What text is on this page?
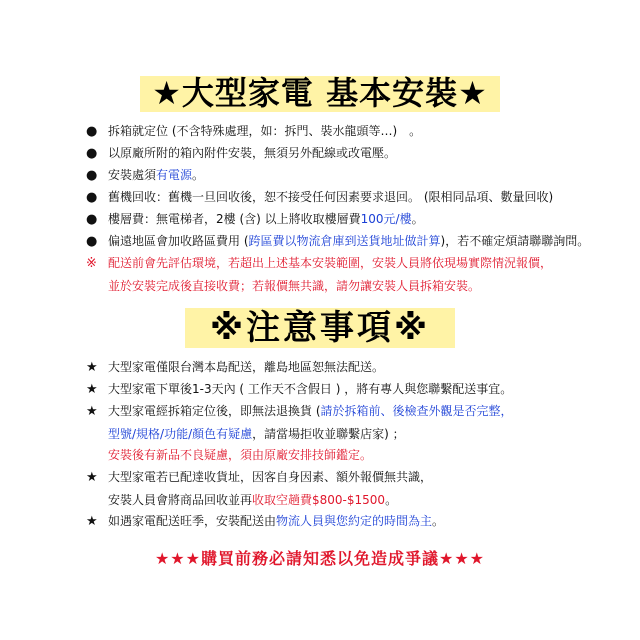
★大型家電 基本安裝★
● 拆箱就定位 (不含特殊處理，如：拆門、裝水龍頭等…)　。
● 以原廠所附的箱內附件安裝，無須另外配線或改電壓。
● 安裝處須有電源。
● 舊機回收：舊機一旦回收後，恕不接受任何因素要求退回。 (限相同品項、數量回收)
● 樓層費：無電梯者，2樓 (含) 以上將收取樓層費100元/樓。
● 偏遠地區會加收路區費用 (跨區費以物流倉庫到送貨地址做計算)，若不確定煩請聯聯詢問。
※ 配送前會先評估環境，若超出上述基本安裝範圍，安裝人員將依現場實際情況報價，
並於安裝完成後直接收費；若報價無共識，請勿讓安裝人員拆箱安裝。
※注意事項※
★ 大型家電僅限台灣本島配送，離島地區恕無法配送。
★ 大型家電下單後1-3天內 ( 工作天不含假日 ) ，將有專人與您聯繫配送事宜。
★ 大型家電經拆箱定位後，即無法退換貨 (請於拆箱前、後檢查外觀是否完整，
型號/規格/功能/顏色有疑慮，請當場拒收並聯繫店家) ；
安裝後有新品不良疑慮，須由原廠安排技師鑑定。
★ 大型家電若已配達收貨址，因客自身因素、額外報價無共識，
安裝人員會將商品回收並再收取空趟費$800-$1500。
★ 如遇家電配送旺季，安裝配送由物流人員與您約定的時間為主。
★★★購買前務必請知悉以免造成爭議★★★
